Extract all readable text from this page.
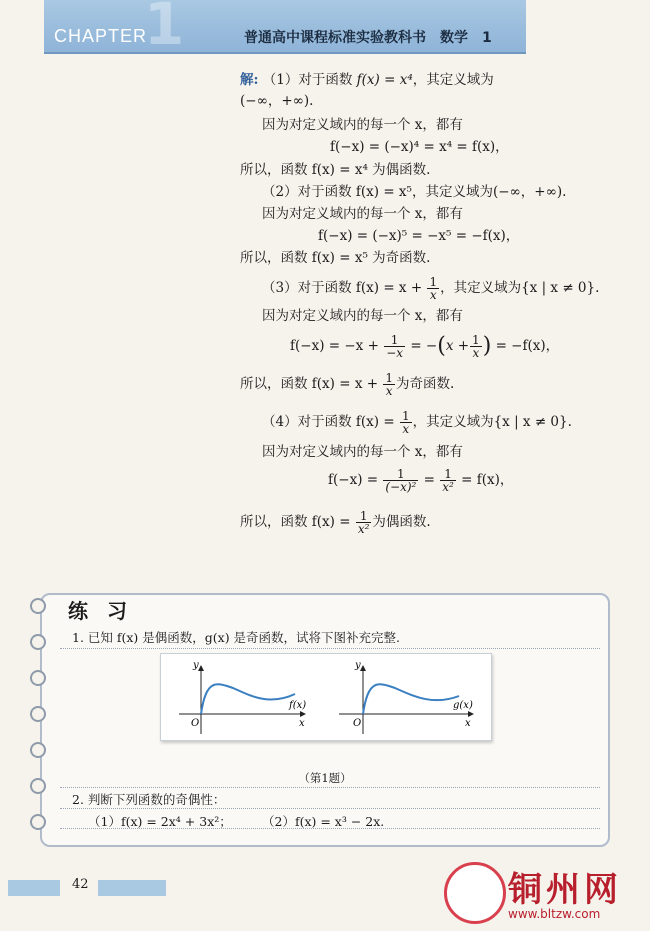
1
CHAPTER	普通高中课程标准实验教科书　数学　1
解: （1）对于函数 f(x) = x⁴，其定义域为
(−∞，+∞).
因为对定义域内的每一个 x，都有
f(−x) = (−x)⁴ = x⁴ = f(x)，
所以，函数 f(x) = x⁴ 为偶函数.
（2）对于函数 f(x) = x⁵，其定义域为(−∞，+∞).
因为对定义域内的每一个 x，都有
f(−x) = (−x)⁵ = −x⁵ = −f(x)，
所以，函数 f(x) = x⁵ 为奇函数.
（3）对于函数 $f(x) = x + \frac{1}{x}$ ，其定义域为{x | x ≠ 0}.
因为对定义域内的每一个 x，都有
$f(-x) = -x + \frac{1}{-x} = -(x + \frac{1}{x}$ ) = −f(x)，
所以，函数 $f(x) = x + \frac{1}{x}$ 为奇函数.
（4）对于函数 $f(x) = \frac{1}{x}$ ，其定义域为{x | x ≠ 0}.
因为对定义域内的每一个 x，都有
$f(-x) = \frac{1}{\text{(−x)²}} = \frac{1}{\text{x²}} = f(x)$，
所以，函数 $f(x) = \frac{1}{\text{x²}}$ 为偶函数.
练 习
1. 已知 f(x) 是偶函数，g(x) 是奇函数，试将下图补充完整.
y
x
O
f(x)
y
x
O
g(x)
（第1题）
2. 判断下列函数的奇偶性：
（1）f(x) = 2x⁴ + 3x²； （2）f(x) = x³ − 2x.
42	铜州网
www.bltzw.com
